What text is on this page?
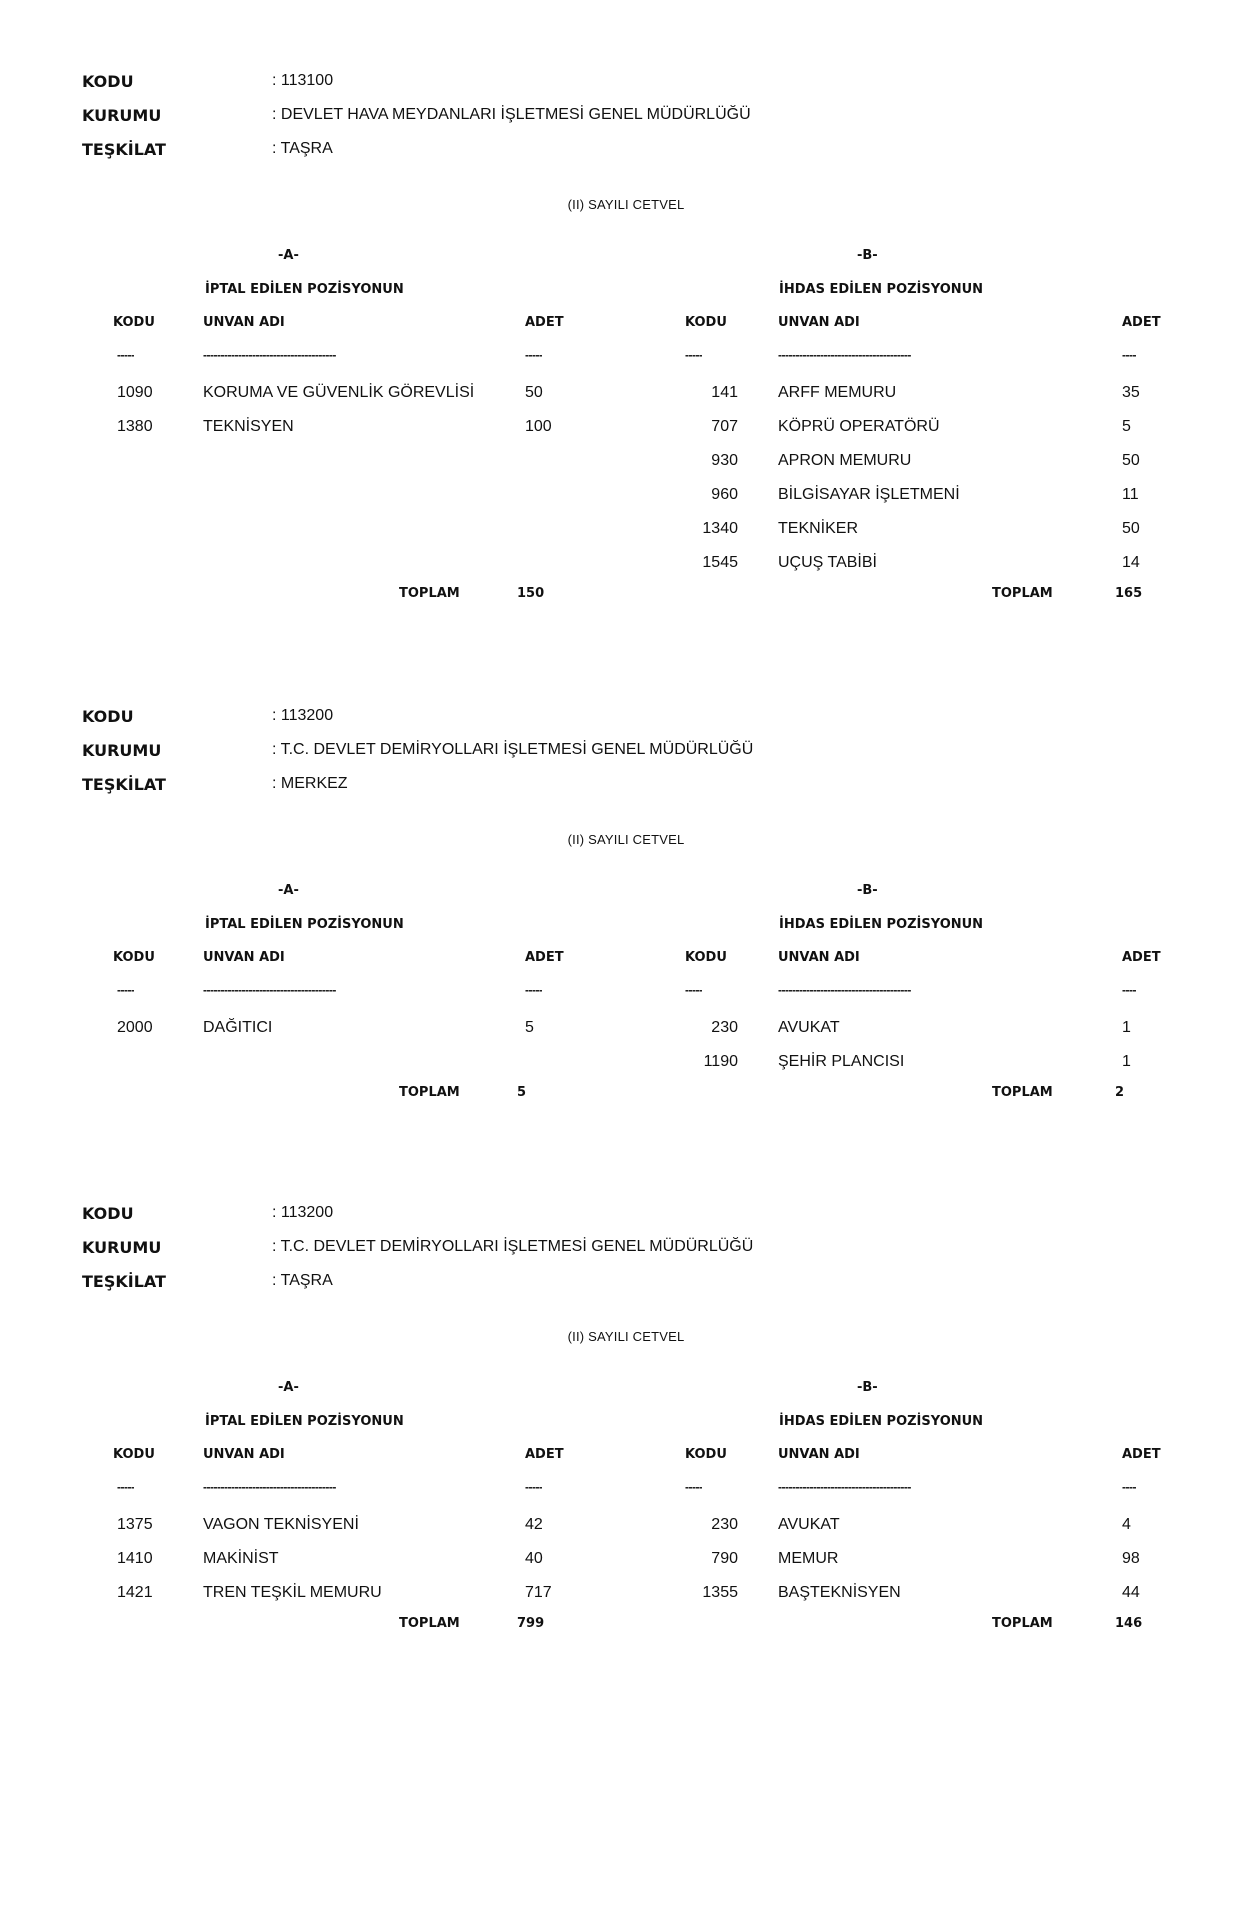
KODU	: 113100
KURUMU	: DEVLET HAVA MEYDANLARI İŞLETMESİ GENEL MÜDÜRLÜĞÜ
TEŞKİLAT	: TAŞRA
(II) SAYILI CETVEL
-A-
İPTAL EDİLEN POZİSYONUN
KODU	UNVAN ADI	ADET
-----	--------------------------------------	-----
1090	KORUMA VE GÜVENLİK GÖREVLİSİ	50
1380	TEKNİSYEN	100
TOPLAM	150
-B-
İHDAS EDİLEN POZİSYONUN
KODU	UNVAN ADI	ADET
-----	--------------------------------------	----
141	ARFF MEMURU	35
707	KÖPRÜ OPERATÖRÜ	5
930	APRON MEMURU	50
960	BİLGİSAYAR İŞLETMENİ	11
1340	TEKNİKER	50
1545	UÇUŞ TABİBİ	14
TOPLAM	165
KODU	: 113200
KURUMU	: T.C. DEVLET DEMİRYOLLARI İŞLETMESİ GENEL MÜDÜRLÜĞÜ
TEŞKİLAT	: MERKEZ
(II) SAYILI CETVEL
-A-
İPTAL EDİLEN POZİSYONUN
KODU	UNVAN ADI	ADET
-----	--------------------------------------	-----
2000	DAĞITICI	5
TOPLAM	5
-B-
İHDAS EDİLEN POZİSYONUN
KODU	UNVAN ADI	ADET
-----	--------------------------------------	----
230	AVUKAT	1
1190	ŞEHİR PLANCISI	1
TOPLAM	2
KODU	: 113200
KURUMU	: T.C. DEVLET DEMİRYOLLARI İŞLETMESİ GENEL MÜDÜRLÜĞÜ
TEŞKİLAT	: TAŞRA
(II) SAYILI CETVEL
-A-
İPTAL EDİLEN POZİSYONUN
KODU	UNVAN ADI	ADET
-----	--------------------------------------	-----
1375	VAGON TEKNİSYENİ	42
1410	MAKİNİST	40
1421	TREN TEŞKİL MEMURU	717
TOPLAM	799
-B-
İHDAS EDİLEN POZİSYONUN
KODU	UNVAN ADI	ADET
-----	--------------------------------------	----
230	AVUKAT	4
790	MEMUR	98
1355	BAŞTEKNİSYEN	44
TOPLAM	146
